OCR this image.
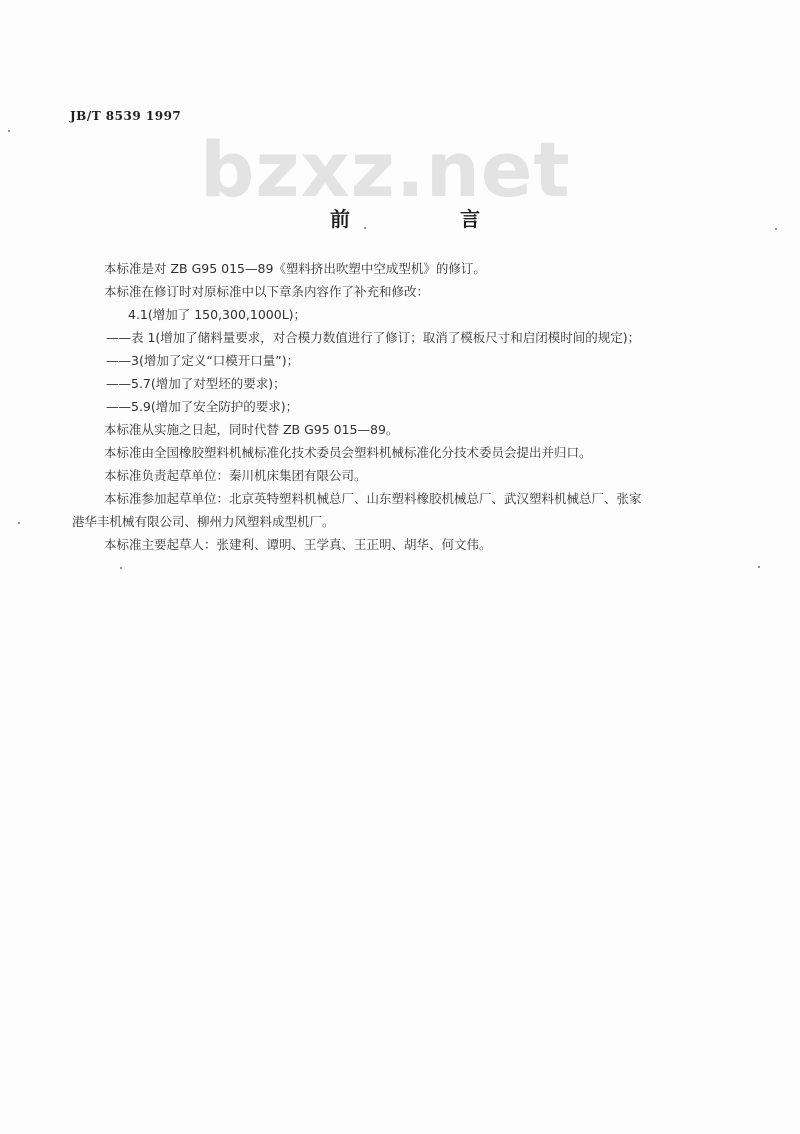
JB/T 8539 1997
bzxz.net
前	言
本标准是对 ZB G95 015—89《塑料挤出吹塑中空成型机》的修订。
本标准在修订时对原标准中以下章条内容作了补充和修改：
4.1(增加了 150,300,1000L)；
——表 1(增加了储料量要求，对合模力数值进行了修订；取消了模板尺寸和启闭模时间的规定)；
——3(增加了定义“口模开口量”)；
——5.7(增加了对型坯的要求)；
——5.9(增加了安全防护的要求)；
本标准从实施之日起，同时代替 ZB G95 015—89。
本标准由全国橡胶塑料机械标准化技术委员会塑料机械标准化分技术委员会提出并归口。
本标准负责起草单位：秦川机床集团有限公司。
本标准参加起草单位：北京英特塑料机械总厂、山东塑料橡胶机械总厂、武汉塑料机械总厂、张家
港华丰机械有限公司、柳州力风塑料成型机厂。
本标准主要起草人：张建利、谭明、王学真、王正明、胡华、何文伟。
